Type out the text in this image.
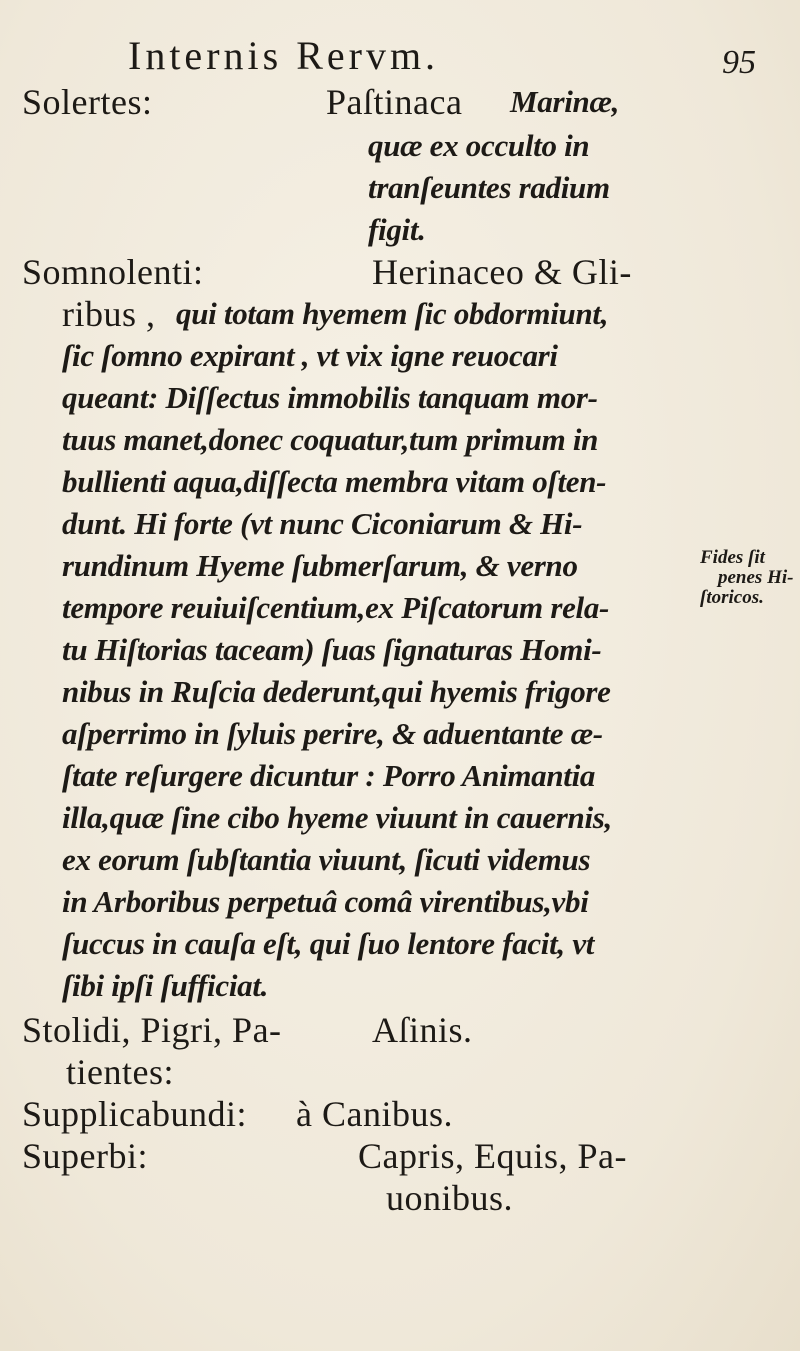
Internis Rervm.	95
Solertes:	Paſtinaca Marinæ,
quæ ex occulto in
tranſeuntes radium
figit.
Somnolenti:	Herinaceo & Gli-
ribus , qui totam hyemem ſic obdormiunt,
ſic ſomno expirant , vt vix igne reuocari
queant: Diſſectus immobilis tanquam mor-
tuus manet,donec coquatur,tum primum in
bullienti aqua,diſſecta membra vitam oſten-
dunt. Hi forte (vt nunc Ciconiarum & Hi-
rundinum Hyeme ſubmerſarum, & verno
tempore reuiuiſcentium,ex Piſcatorum rela-
tu Hiſtorias taceam) ſuas ſignaturas Homi-
nibus in Ruſcia dederunt,qui hyemis frigore
aſperrimo in ſyluis perire, & aduentante æ-
ſtate reſurgere dicuntur : Porro Animantia
illa,quæ ſine cibo hyeme viuunt in cauernis,
ex eorum ſubſtantia viuunt, ſicuti videmus
in Arboribus perpetuâ comâ virentibus,vbi
ſuccus in cauſa eſt, qui ſuo lentore facit, vt
ſibi ipſi ſufficiat.
Stolidi, Pigri, Pa-	Aſinis.
tientes:
Supplicabundi: à Canibus.
Superbi:	Capris, Equis, Pa-
uonibus.
Fides ſit
penes Hi-
ſtoricos.
